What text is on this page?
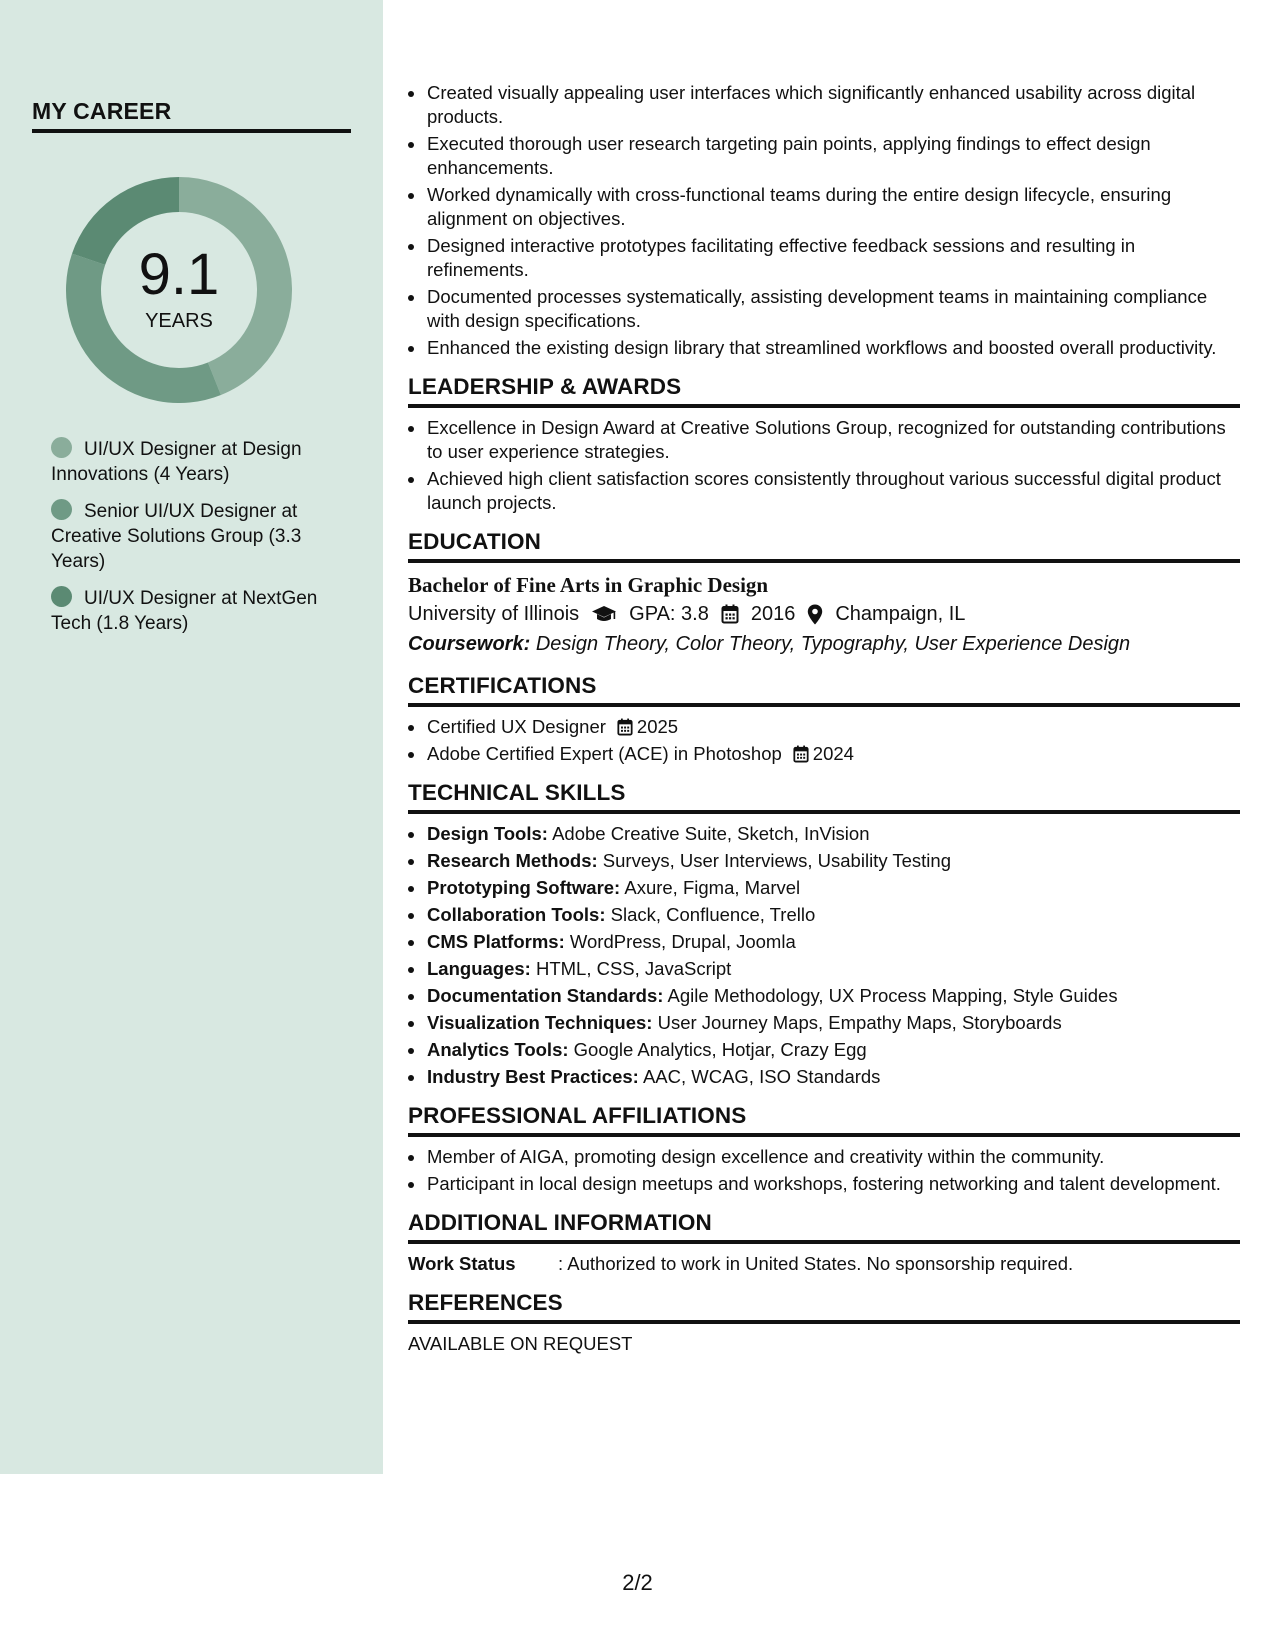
MY CAREER
9.1
YEARS
UI/UX Designer at Design Innovations (4 Years)
Senior UI/UX Designer at Creative Solutions Group (3.3 Years)
UI/UX Designer at NextGen Tech (1.8 Years)
Created visually appealing user interfaces which significantly enhanced usability across digital products.
Executed thorough user research targeting pain points, applying findings to effect design enhancements.
Worked dynamically with cross-functional teams during the entire design lifecycle, ensuring alignment on objectives.
Designed interactive prototypes facilitating effective feedback sessions and resulting in refinements.
Documented processes systematically, assisting development teams in maintaining compliance with design specifications.
Enhanced the existing design library that streamlined workflows and boosted overall productivity.
LEADERSHIP & AWARDS
Excellence in Design Award at Creative Solutions Group, recognized for outstanding contributions to user experience strategies.
Achieved high client satisfaction scores consistently throughout various successful digital product launch projects.
EDUCATION
Bachelor of Fine Arts in Graphic Design
University of Illinois	GPA: 3.8 2016 Champaign, IL
Coursework: Design Theory, Color Theory, Typography, User Experience Design
CERTIFICATIONS
Certified UX Designer 2025
Adobe Certified Expert (ACE) in Photoshop 2024
TECHNICAL SKILLS
Design Tools: Adobe Creative Suite, Sketch, InVision
Research Methods: Surveys, User Interviews, Usability Testing
Prototyping Software: Axure, Figma, Marvel
Collaboration Tools: Slack, Confluence, Trello
CMS Platforms: WordPress, Drupal, Joomla
Languages: HTML, CSS, JavaScript
Documentation Standards: Agile Methodology, UX Process Mapping, Style Guides
Visualization Techniques: User Journey Maps, Empathy Maps, Storyboards
Analytics Tools: Google Analytics, Hotjar, Crazy Egg
Industry Best Practices: AAC, WCAG, ISO Standards
PROFESSIONAL AFFILIATIONS
Member of AIGA, promoting design excellence and creativity within the community.
Participant in local design meetups and workshops, fostering networking and talent development.
ADDITIONAL INFORMATION
Work Status	: Authorized to work in United States. No sponsorship required.
REFERENCES
AVAILABLE ON REQUEST
2/2
